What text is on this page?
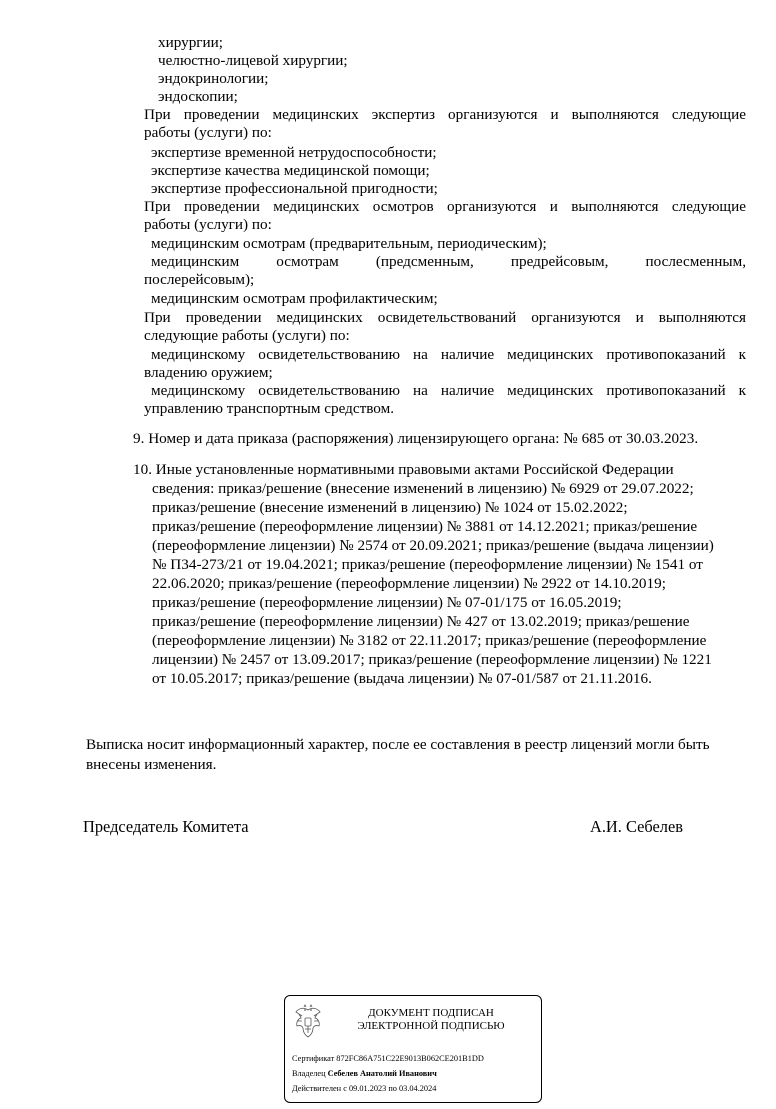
хирургии;
челюстно-лицевой хирургии;
эндокринологии;
эндоскопии;
При проведении медицинских экспертиз организуются и выполняются следующие
работы (услуги) по:
экспертизе временной нетрудоспособности;
экспертизе качества медицинской помощи;
экспертизе профессиональной пригодности;
При проведении медицинских осмотров организуются и выполняются следующие
работы (услуги) по:
медицинским осмотрам (предварительным, периодическим);
медицинским осмотрам (предсменным, предрейсовым, послесменным,
послерейсовым);
медицинским осмотрам профилактическим;
При проведении медицинских освидетельствований организуются и выполняются
следующие работы (услуги) по:
медицинскому освидетельствованию на наличие медицинских противопоказаний к
владению оружием;
медицинскому освидетельствованию на наличие медицинских противопоказаний к
управлению транспортным средством.
9. Номер и дата приказа (распоряжения) лицензирующего органа: № 685 от 30.03.2023.
10. Иные установленные нормативными правовыми актами Российской Федерации
сведения: приказ/решение (внесение изменений в лицензию) № 6929 от 29.07.2022;
приказ/решение (внесение изменений в лицензию) № 1024 от 15.02.2022;
приказ/решение (переоформление лицензии) № 3881 от 14.12.2021; приказ/решение
(переоформление лицензии) № 2574 от 20.09.2021; приказ/решение (выдача лицензии)
№ П34-273/21 от 19.04.2021; приказ/решение (переоформление лицензии) № 1541 от
22.06.2020; приказ/решение (переоформление лицензии) № 2922 от 14.10.2019;
приказ/решение (переоформление лицензии) № 07-01/175 от 16.05.2019;
приказ/решение (переоформление лицензии) № 427 от 13.02.2019; приказ/решение
(переоформление лицензии) № 3182 от 22.11.2017; приказ/решение (переоформление
лицензии) № 2457 от 13.09.2017; приказ/решение (переоформление лицензии) № 1221
от 10.05.2017; приказ/решение (выдача лицензии) № 07-01/587 от 21.11.2016.
Выписка носит информационный характер, после ее составления в реестр лицензий могли быть
внесены изменения.
Председатель Комитета	А.И. Себелев
ДОКУМЕНТ ПОДПИСАН
ЭЛЕКТРОННОЙ ПОДПИСЬЮ
Сертификат 872FC86A751C22E9013B062CE201B1DD
Владелец Себелев Анатолий Иванович
Действителен с 09.01.2023 по 03.04.2024
